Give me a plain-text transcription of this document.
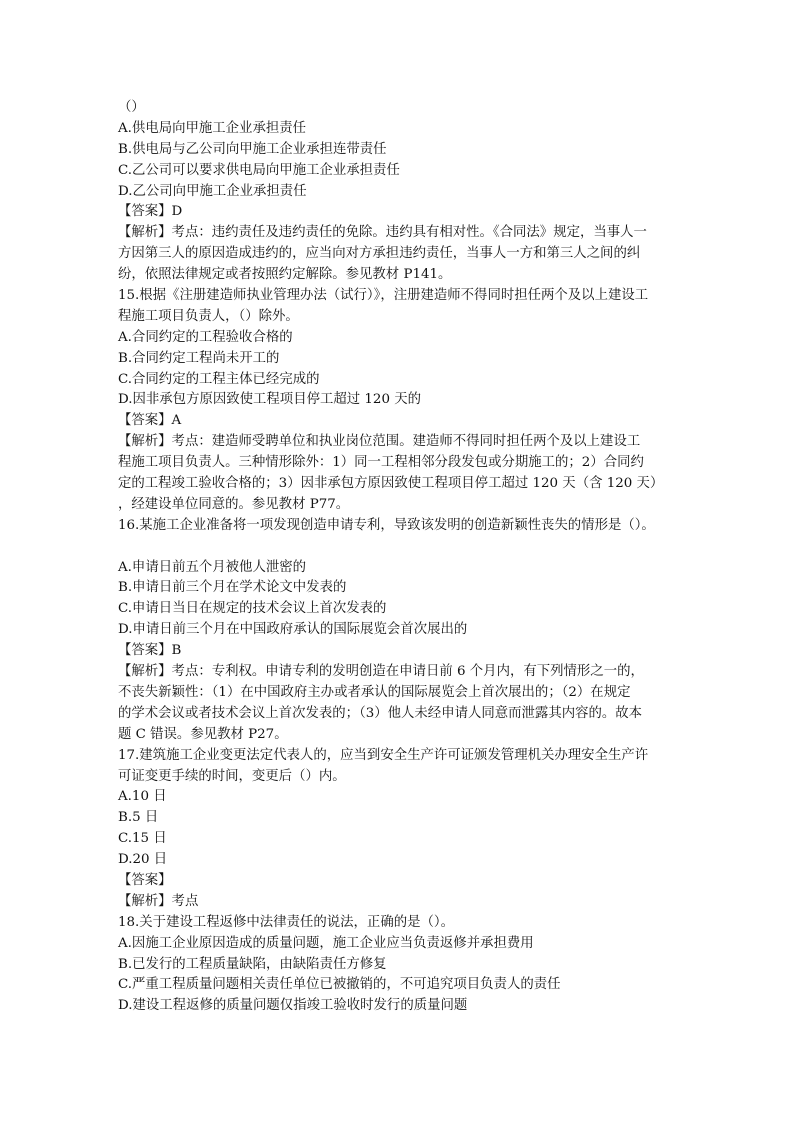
（）
A.供电局向甲施工企业承担责任
B.供电局与乙公司向甲施工企业承担连带责任
C.乙公司可以要求供电局向甲施工企业承担责任
D.乙公司向甲施工企业承担责任
【答案】D
【解析】考点：违约责任及违约责任的免除。违约具有相对性。《合同法》规定，当事人一
方因第三人的原因造成违约的，应当向对方承担违约责任，当事人一方和第三人之间的纠
纷，依照法律规定或者按照约定解除。参见教材 P141。
15.根据《注册建造师执业管理办法（试行）》，注册建造师不得同时担任两个及以上建设工
程施工项目负责人，（）除外。
A.合同约定的工程验收合格的
B.合同约定工程尚未开工的
C.合同约定的工程主体已经完成的
D.因非承包方原因致使工程项目停工超过 120 天的
【答案】A
【解析】考点：建造师受聘单位和执业岗位范围。建造师不得同时担任两个及以上建设工
程施工项目负责人。三种情形除外：1）同一工程相邻分段发包或分期施工的；2）合同约
定的工程竣工验收合格的；3）因非承包方原因致使工程项目停工超过 120 天（含 120 天）
，经建设单位同意的。参见教材 P77。
16.某施工企业准备将一项发现创造申请专利，导致该发明的创造新颖性丧失的情形是（）。
A.申请日前五个月被他人泄密的
B.申请日前三个月在学术论文中发表的
C.申请日当日在规定的技术会议上首次发表的
D.申请日前三个月在中国政府承认的国际展览会首次展出的
【答案】B
【解析】考点：专利权。申请专利的发明创造在申请日前 6 个月内，有下列情形之一的，
不丧失新颖性：（1）在中国政府主办或者承认的国际展览会上首次展出的；（2）在规定
的学术会议或者技术会议上首次发表的；（3）他人未经申请人同意而泄露其内容的。故本
题 C 错误。参见教材 P27。
17.建筑施工企业变更法定代表人的，应当到安全生产许可证颁发管理机关办理安全生产许
可证变更手续的时间，变更后（）内。
A.10 日
B.5 日
C.15 日
D.20 日
【答案】
【解析】考点
18.关于建设工程返修中法律责任的说法，正确的是（）。
A.因施工企业原因造成的质量问题，施工企业应当负责返修并承担费用
B.已发行的工程质量缺陷，由缺陷责任方修复
C.严重工程质量问题相关责任单位已被撤销的，不可追究项目负责人的责任
D.建设工程返修的质量问题仅指竣工验收时发行的质量问题
